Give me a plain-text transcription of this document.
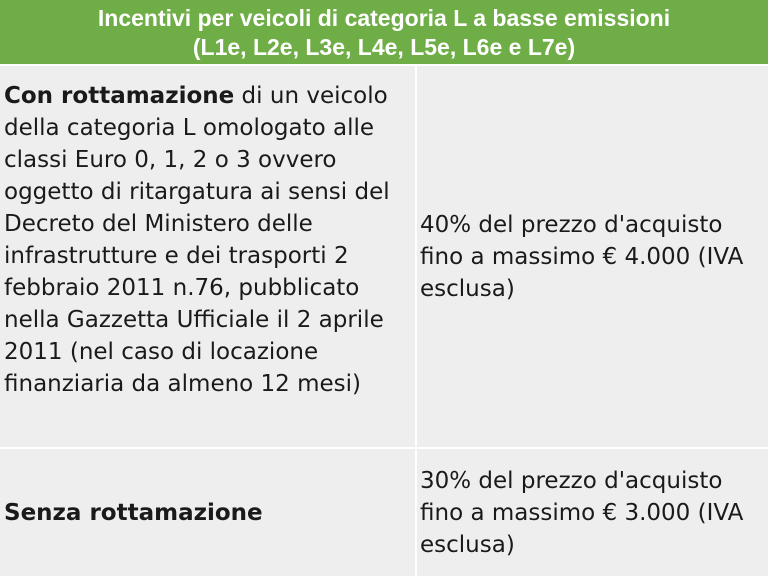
Incentivi per veicoli di categoria L a basse emissioni
(L1e, L2e, L3e, L4e, L5e, L6e e L7e)
Con rottamazione di un veicolo della categoria L omologato alle classi Euro 0, 1, 2 o 3 ovvero oggetto di ritargatura ai sensi del Decreto del Ministero delle infrastrutture e dei trasporti 2 febbraio 2011 n.76, pubblicato nella Gazzetta Ufficiale il 2 aprile 2011 (nel caso di locazione finanziaria da almeno 12 mesi)
40% del prezzo d'acquisto fino a massimo € 4.000 (IVA esclusa)
Senza rottamazione
30% del prezzo d'acquisto fino a massimo € 3.000 (IVA esclusa)
